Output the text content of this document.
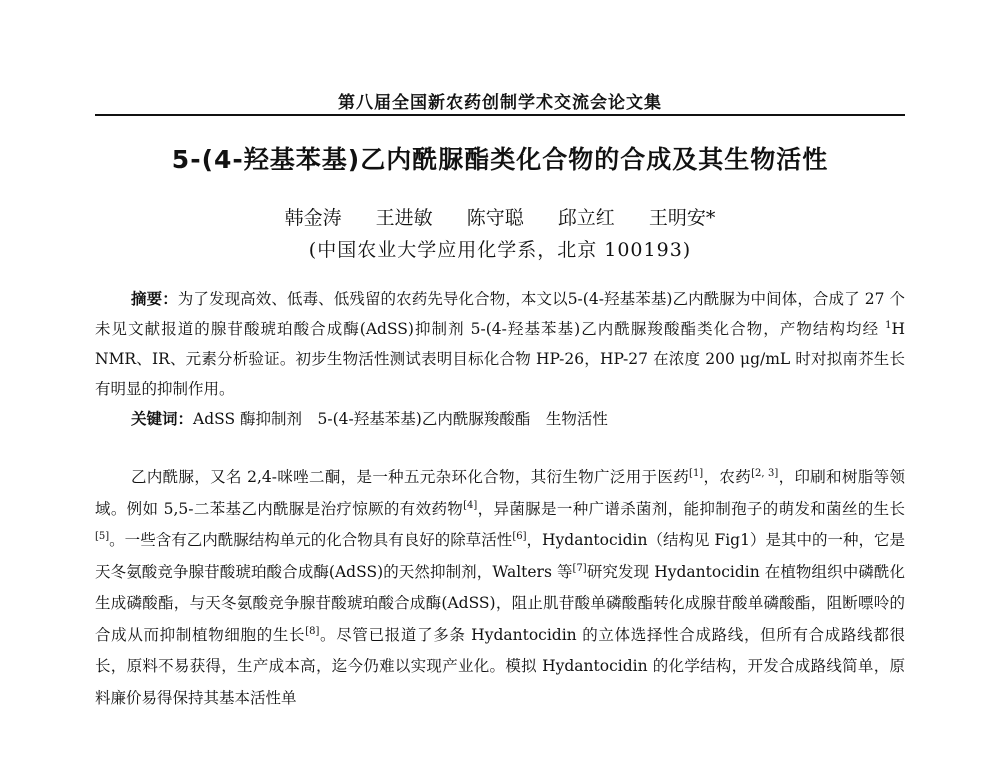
第八届全国新农药创制学术交流会论文集
5-(4-羟基苯基)乙内酰脲酯类化合物的合成及其生物活性
韩金涛 王进敏 陈守聪 邱立红 王明安*
(中国农业大学应用化学系，北京 100193)

摘要：为了发现高效、低毒、低残留的农药先导化合物，本文以5-(4-羟基苯基)乙内酰脲为中间体，合成了 27 个未见文献报道的腺苷酸琥珀酸合成酶(AdSS)抑制剂 5-(4-羟基苯基)乙内酰脲羧酸酯类化合物，产物结构均经 $^1$H NMR、IR、元素分析验证。初步生物活性测试表明目标化合物 HP-26，HP-27 在浓度 200 μg/mL 时对拟南芥生长有明显的抑制作用。

关键词：AdSS 酶抑制剂　5-(4-羟基苯基)乙内酰脲羧酸酯　生物活性

乙内酰脲，又名 2,4-咪唑二酮，是一种五元杂环化合物，其衍生物广泛用于医药[1]，农药[2, 3]，印刷和树脂等领域。例如 5,5-二苯基乙内酰脲是治疗惊厥的有效药物[4]，异菌脲是一种广谱杀菌剂，能抑制孢子的萌发和菌丝的生长[5]。一些含有乙内酰脲结构单元的化合物具有良好的除草活性[6]，Hydantocidin（结构见 Fig1）是其中的一种，它是天冬氨酸竞争腺苷酸琥珀酸合成酶(AdSS)的天然抑制剂，Walters 等[7]研究发现 Hydantocidin 在植物组织中磷酰化生成磷酸酯，与天冬氨酸竞争腺苷酸琥珀酸合成酶(AdSS)，阻止肌苷酸单磷酸酯转化成腺苷酸单磷酸酯，阻断嘌呤的合成从而抑制植物细胞的生长[8]。尽管已报道了多条 Hydantocidin 的立体选择性合成路线，但所有合成路线都很长，原料不易获得，生产成本高，迄今仍难以实现产业化。模拟 Hydantocidin 的化学结构，开发合成路线简单，原料廉价易得保持其基本活性单
